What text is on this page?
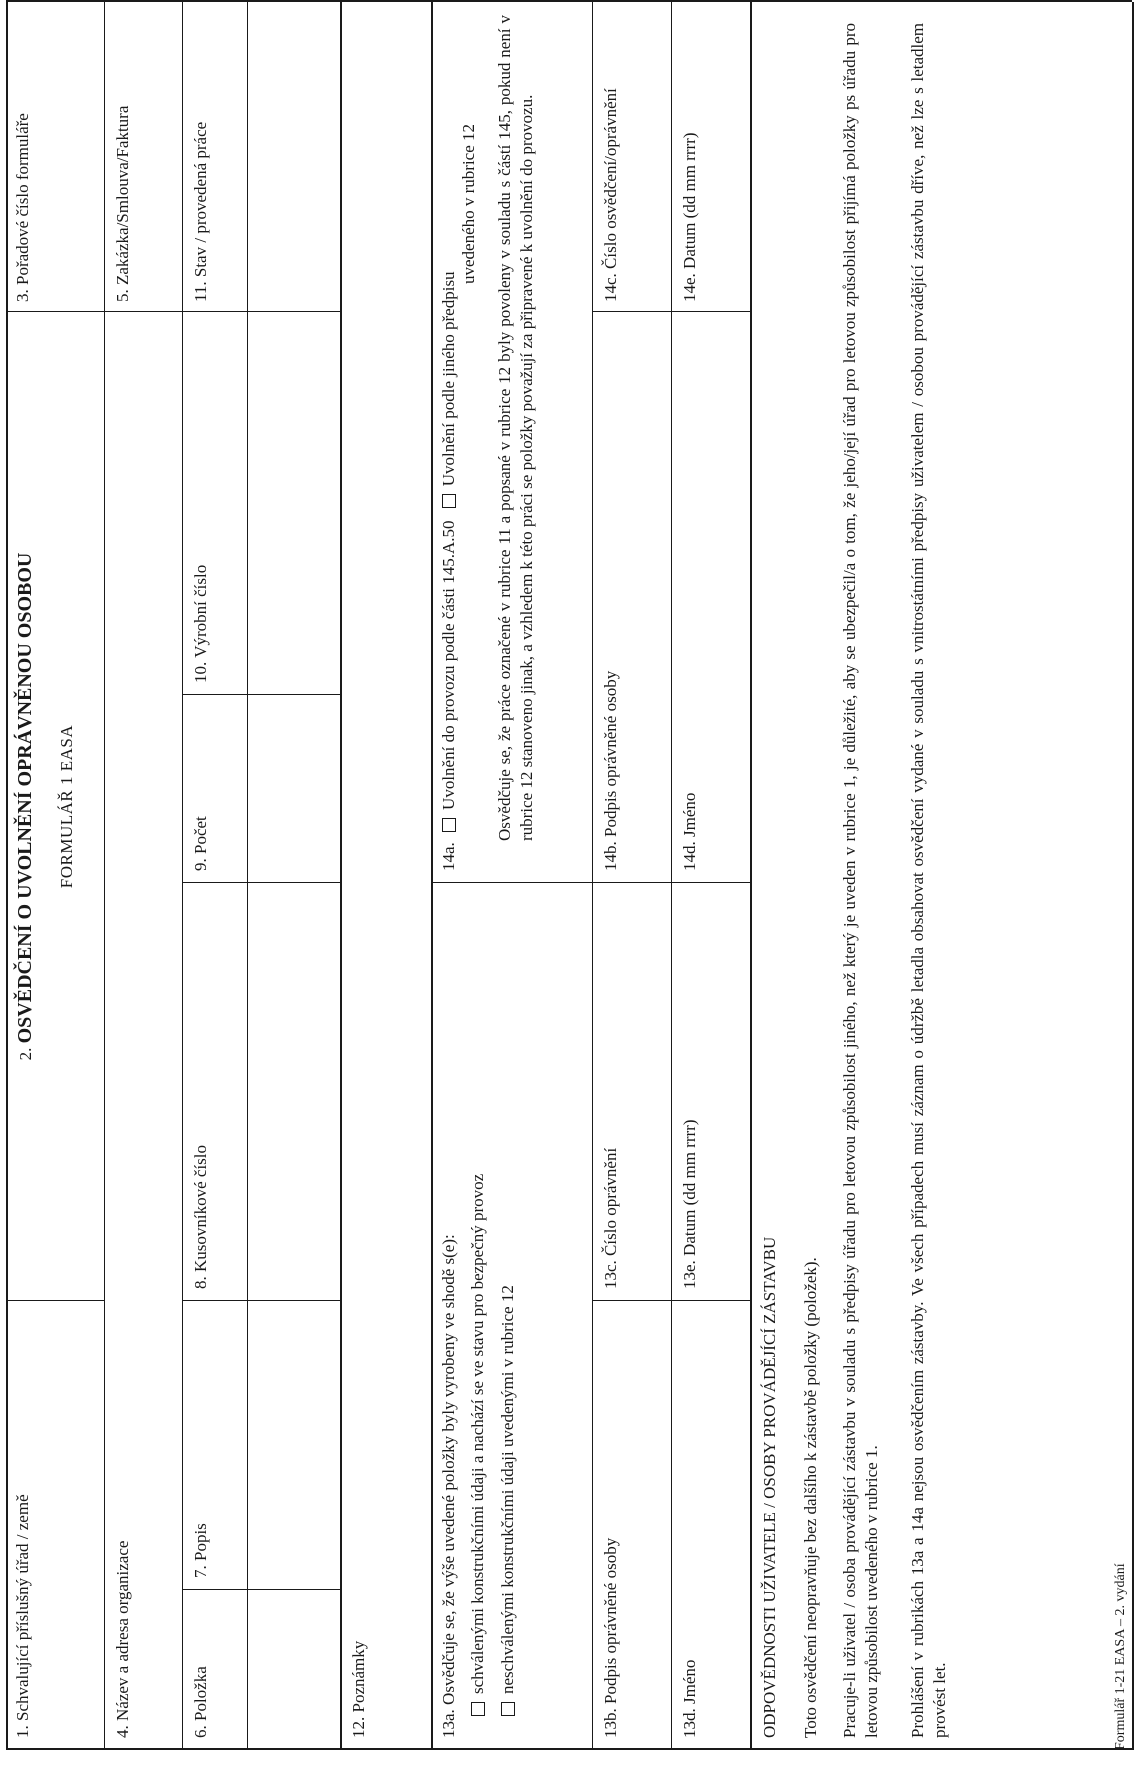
1. Schvalující příslušný úřad / země
2. OSVĚDČENÍ O UVOLNĚNÍ OPRÁVNĚNOU OSOBOU FORMULÁŘ 1 EASA
3. Pořadové číslo formuláře
4. Název a adresa organizace
5. Zakázka/Smlouva/Faktura
6. Položka
7. Popis
8. Kusovníkové číslo
9. Počet
10. Výrobní číslo
11. Stav / provedená práce
12. Poznámky	13a. Osvědčuje se, že výše uvedené položky byly vyrobeny ve shodě s(e): schválenými konstrukčními údaji a nachází se ve stavu pro bezpečný provoz neschválenými konstrukčními údaji uvedenými v rubrice 12
14a. Uvolnění do provozu podle části 145.A.50 Uvolnění podle jiného předpisu
uvedeného v rubrice 12 Osvědčuje se, že práce označené v rubrice 11 a popsané v rubrice 12 byly povoleny v souladu s částí 145, pokud není v rubrice 12 stanoveno jinak, a vzhledem k této práci se položky považují za připravené k uvolnění do provozu.
13b. Podpis oprávněné osoby
13c. Číslo oprávnění
14b. Podpis oprávněné osoby
14c. Číslo osvědčení/oprávnění
13d. Jméno
13e. Datum (dd mm rrrr)
14d. Jméno
14e. Datum (dd mm rrrr)
ODPOVĚDNOSTI UŽIVATELE / OSOBY PROVÁDĚJÍCÍ ZÁSTAVBU Toto osvědčení neopravňuje bez dalšího k zástavbě položky (položek). Pracuje-li uživatel / osoba provádějící zástavbu v souladu s předpisy úřadu pro letovou způsobilost jiného, než který je uveden v rubrice 1, je důležité, aby se ubezpečil/a o tom, že jeho/její úřad pro letovou způsobilost přijímá položky ps úřadu pro letovou způsobilost uvedeného v rubrice 1. Prohlášení v rubrikách 13a a 14a nejsou osvědčením zástavby. Ve všech případech musí záznam o údržbě letadla obsahovat osvědčení vydané v souladu s vnitrostátními předpisy uživatelem / osobou provádějící zástavbu dříve, než lze s letadlem provést let.	Formulář 1-21 EASA – 2. vydání
